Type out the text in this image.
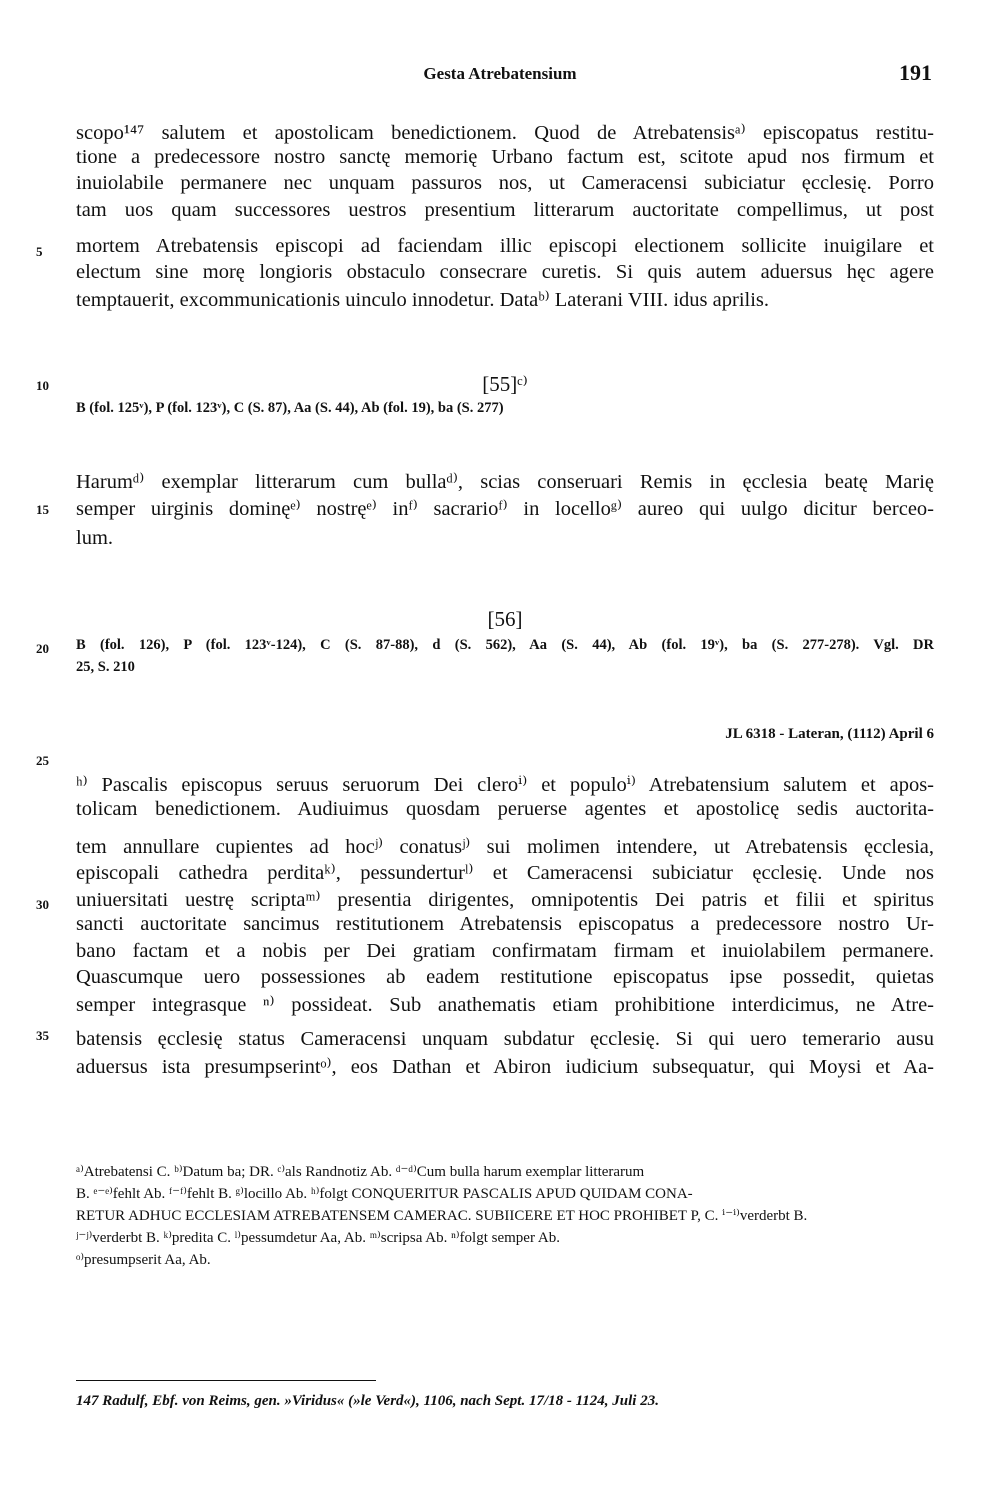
Gesta Atrebatensium	191
5
10
15
20
25
30
35
scopo¹⁴⁷ salutem et apostolicam benedictionem. Quod de Atrebatensisᵃ⁾ episcopatus restitu-
tione a predecessore nostro sanctę memorię Urbano factum est, scitote apud nos firmum et
inuiolabile permanere nec unquam passuros nos, ut Cameracensi subiciatur ęcclesię. Porro
tam uos quam successores uestros presentium litterarum auctoritate compellimus, ut post
mortem Atrebatensis episcopi ad faciendam illic episcopi electionem sollicite inuigilare et
electum sine morę longioris obstaculo consecrare curetis. Si quis autem aduersus hęc agere
temptauerit, excommunicationis uinculo innodetur. Dataᵇ⁾ Laterani VIII. idus aprilis.
[55]ᶜ⁾
B (fol. 125ᵛ), P (fol. 123ᵛ), C (S. 87), Aa (S. 44), Ab (fol. 19), ba (S. 277)
Harumᵈ⁾ exemplar litterarum cum bullaᵈ⁾, scias conseruari Remis in ęcclesia beatę Marię
semper uirginis dominęᵉ⁾ nostręᵉ⁾ inᶠ⁾ sacrarioᶠ⁾ in locelloᵍ⁾ aureo qui uulgo dicitur berceo-
lum.
[56]
B (fol. 126), P (fol. 123ᵛ-124), C (S. 87-88), d (S. 562), Aa (S. 44), Ab (fol. 19ᵛ), ba (S. 277-278). Vgl. DR
25, S. 210
JL 6318 - Lateran, (1112) April 6
ʰ⁾ Pascalis episcopus seruus seruorum Dei cleroⁱ⁾ et populoⁱ⁾ Atrebatensium salutem et apos-
tolicam benedictionem. Audiuimus quosdam peruerse agentes et apostolicę sedis auctorita-
tem annullare cupientes ad hocʲ⁾ conatusʲ⁾ sui molimen intendere, ut Atrebatensis ęcclesia,
episcopali cathedra perditaᵏ⁾, pessunderturˡ⁾ et Cameracensi subiciatur ęcclesię. Unde nos
uniuersitati uestrę scriptaᵐ⁾ presentia dirigentes, omnipotentis Dei patris et filii et spiritus
sancti auctoritate sancimus restitutionem Atrebatensis episcopatus a predecessore nostro Ur-
bano factam et a nobis per Dei gratiam confirmatam firmam et inuiolabilem permanere.
Quascumque uero possessiones ab eadem restitutione episcopatus ipse possedit, quietas
semper integrasque ⁿ⁾ possideat. Sub anathematis etiam prohibitione interdicimus, ne Atre-
batensis ęcclesię status Cameracensi unquam subdatur ęcclesię. Si qui uero temerario ausu
aduersus ista presumpserintᵒ⁾, eos Dathan et Abiron iudicium subsequatur, qui Moysi et Aa-
ᵃ⁾Atrebatensi C. ᵇ⁾Datum ba; DR. ᶜ⁾als Randnotiz Ab. ᵈ⁻ᵈ⁾Cum bulla harum exemplar litterarum
B. ᵉ⁻ᵉ⁾fehlt Ab. ᶠ⁻ᶠ⁾fehlt B. ᵍ⁾locillo Ab. ʰ⁾folgt CONQUERITUR PASCALIS APUD QUIDAM CONA-
RETUR ADHUC ECCLESIAM ATREBATENSEM CAMERAC. SUBIICERE ET HOC PROHIBET P, C. ⁱ⁻ⁱ⁾verderbt B.
ʲ⁻ʲ⁾verderbt B. ᵏ⁾predita C. ˡ⁾pessumdetur Aa, Ab. ᵐ⁾scripsa Ab. ⁿ⁾folgt semper Ab.
ᵒ⁾presumpserit Aa, Ab.
147 Radulf, Ebf. von Reims, gen. »Viridus« (»le Verd«), 1106, nach Sept. 17/18 - 1124, Juli 23.
